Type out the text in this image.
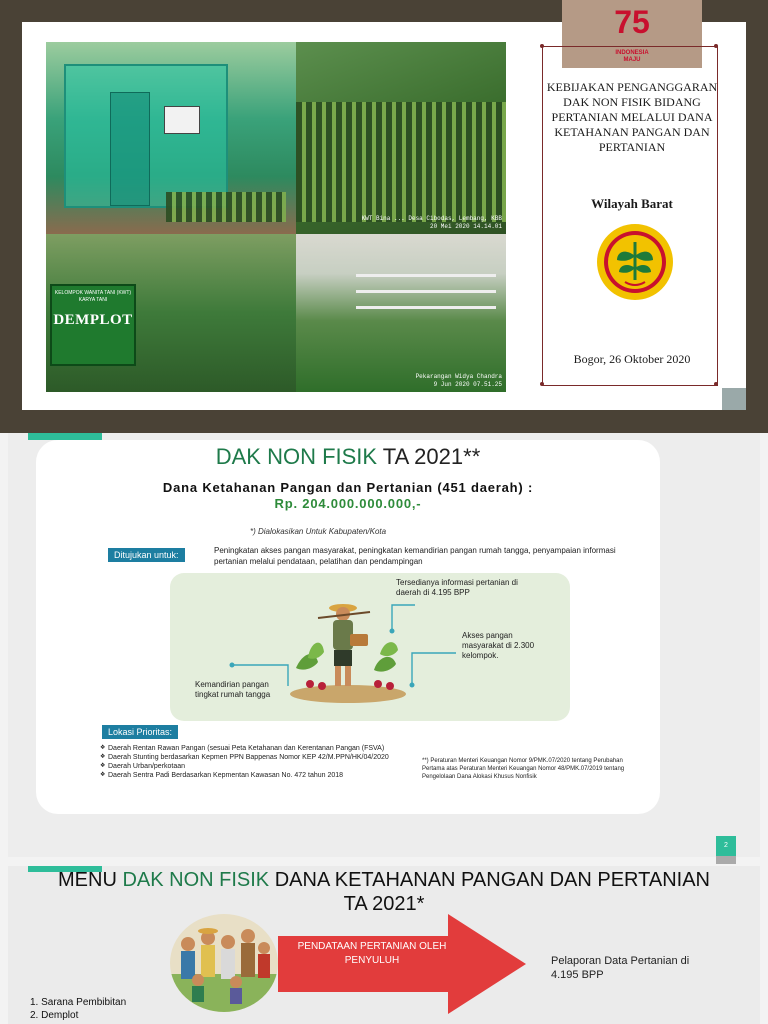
KWT Bina ... Desa Cibodas, Lembang, KBB
20 Mei 2020 14.14.01
KELOMPOK WANITA TANI (KWT) KARYA TANI
DEMPLOT
Pekarangan Widya Chandra
9 Jun 2020 07.51.25
75
INDONESIA
MAJU
KEBIJAKAN PENGANGGARAN DAK NON FISIK BIDANG PERTANIAN MELALUI DANA KETAHANAN PANGAN DAN PERTANIAN
Wilayah Barat
Bogor, 26 Oktober 2020
DAK NON FISIK TA 2021**
Dana Ketahanan Pangan dan Pertanian (451 daerah) :
Rp. 204.000.000.000,-
*) Dialokasikan Untuk Kabupaten/Kota
Ditujukan untuk:	Peningkatan akses pangan masyarakat, peningkatan kemandirian pangan rumah tangga, penyampaian informasi pertanian melalui pendataan, pelatihan dan pendampingan
Tersedianya informasi pertanian di daerah di 4.195 BPP
Akses pangan masyarakat di 2.300 kelompok.
Kemandirian pangan tingkat rumah tangga
Lokasi Prioritas:
❖ Daerah Rentan Rawan Pangan (sesuai Peta Ketahanan dan Kerentanan Pangan (FSVA)
❖ Daerah Stunting berdasarkan Kepmen PPN Bappenas Nomor KEP 42/M.PPN/HK/04/2020
❖ Daerah Urban/perkotaan
❖ Daerah Sentra Padi Berdasarkan Kepmentan Kawasan No. 472 tahun 2018
**) Peraturan Menteri Keuangan Nomor 9/PMK.07/2020 tentang Perubahan Pertama atas Peraturan Menteri Keuangan Nomor 48/PMK.07/2019 tentang Pengelolaan Dana Alokasi Khusus Nonfisik
2
MENU DAK NON FISIK DANA KETAHANAN PANGAN DAN PERTANIAN
TA 2021*
PENDATAAN PERTANIAN OLEH PENYULUH	Pelaporan Data Pertanian di 4.195 BPP
1. Sarana Pembibitan
2. Demplot
